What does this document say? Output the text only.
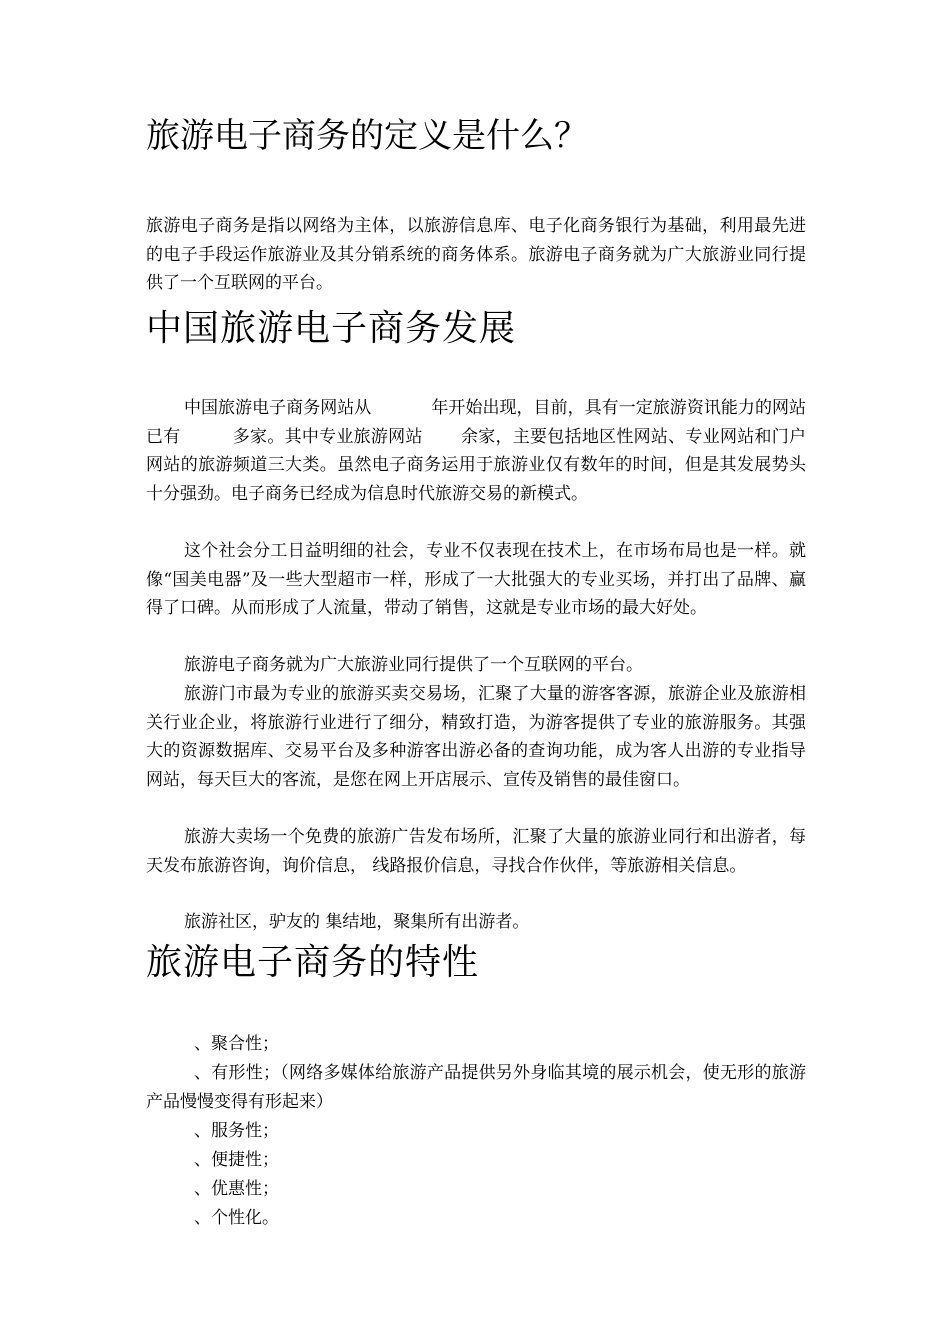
旅游电子商务的定义是什么？
旅游电子商务是指以网络为主体，以旅游信息库、电子化商务银行为基础，利用最先进的电子手段运作旅游业及其分销系统的商务体系。旅游电子商务就为广大旅游业同行提供了一个互联网的平台。
中国旅游电子商务发展
中国旅游电子商务网站从	年开始出现，目前，具有一定旅游资讯能力的网站已有	多家。其中专业旅游网站 余家，主要包括地区性网站、专业网站和门户网站的旅游频道三大类。虽然电子商务运用于旅游业仅有数年的时间，但是其发展势头十分强劲。电子商务已经成为信息时代旅游交易的新模式。
这个社会分工日益明细的社会，专业不仅表现在技术上，在市场布局也是一样。就像“国美电器”及一些大型超市一样，形成了一大批强大的专业买场，并打出了品牌、赢得了口碑。从而形成了人流量，带动了销售，这就是专业市场的最大好处。
旅游电子商务就为广大旅游业同行提供了一个互联网的平台。
旅游门市最为专业的旅游买卖交易场，汇聚了大量的游客客源，旅游企业及旅游相关行业企业，将旅游行业进行了细分，精致打造，为游客提供了专业的旅游服务。其强大的资源数据库、交易平台及多种游客出游必备的查询功能，成为客人出游的专业指导网站，每天巨大的客流，是您在网上开店展示、宣传及销售的最佳窗口。
旅游大卖场一个免费的旅游广告发布场所，汇聚了大量的旅游业同行和出游者，每天发布旅游咨询，询价信息， 线路报价信息，寻找合作伙伴，等旅游相关信息。
旅游社区，驴友的 集结地，聚集所有出游者。
旅游电子商务的特性
、聚合性；
、有形性；（网络多媒体给旅游产品提供另外身临其境的展示机会，使无形的旅游产品慢慢变得有形起来）
、服务性；
、便捷性；
、优惠性；
、个性化。
